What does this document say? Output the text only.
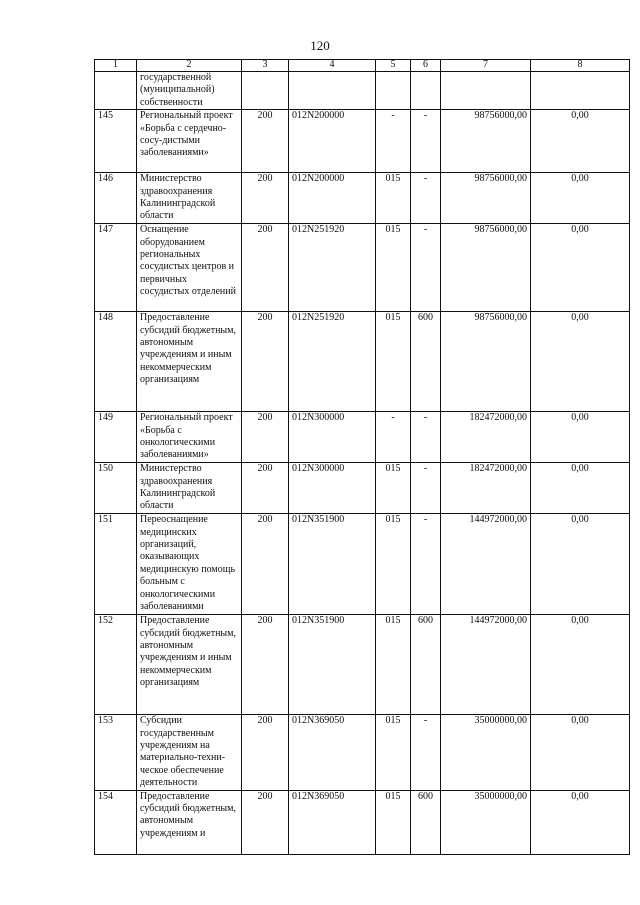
120
1	2	3	4	5	6	7	8
	государственной (муниципальной) собственности						
145	Региональный проект «Борьба с сердечно-сосу-дистыми заболеваниями»	200	012N200000	-	-	98756000,00	0,00
146	Министерство здравоохранения Калининградской области	200	012N200000	015	-	98756000,00	0,00
147	Оснащение оборудованием региональных сосудистых центров и первичных сосудистых отделений	200	012N251920	015	-	98756000,00	0,00
148	Предоставление субсидий бюджетным, автономным учреждениям и иным некоммерческим организациям	200	012N251920	015	600	98756000,00	0,00
149	Региональный проект «Борьба с онкологическими заболеваниями»	200	012N300000	-	-	182472000,00	0,00
150	Министерство здравоохранения Калининградской области	200	012N300000	015	-	182472000,00	0,00
151	Переоснащение медицинских организаций, оказывающих медицинскую помощь больным с онкологическими заболеваниями	200	012N351900	015	-	144972000,00	0,00
152	Предоставление субсидий бюджетным, автономным учреждениям и иным некоммерческим организациям	200	012N351900	015	600	144972000,00	0,00
153	Субсидии государственным учреждениям на материально-техни-ческое обеспечение деятельности	200	012N369050	015	-	35000000,00	0,00
154	Предоставление субсидий бюджетным, автономным учреждениям и	200	012N369050	015	600	35000000,00	0,00
